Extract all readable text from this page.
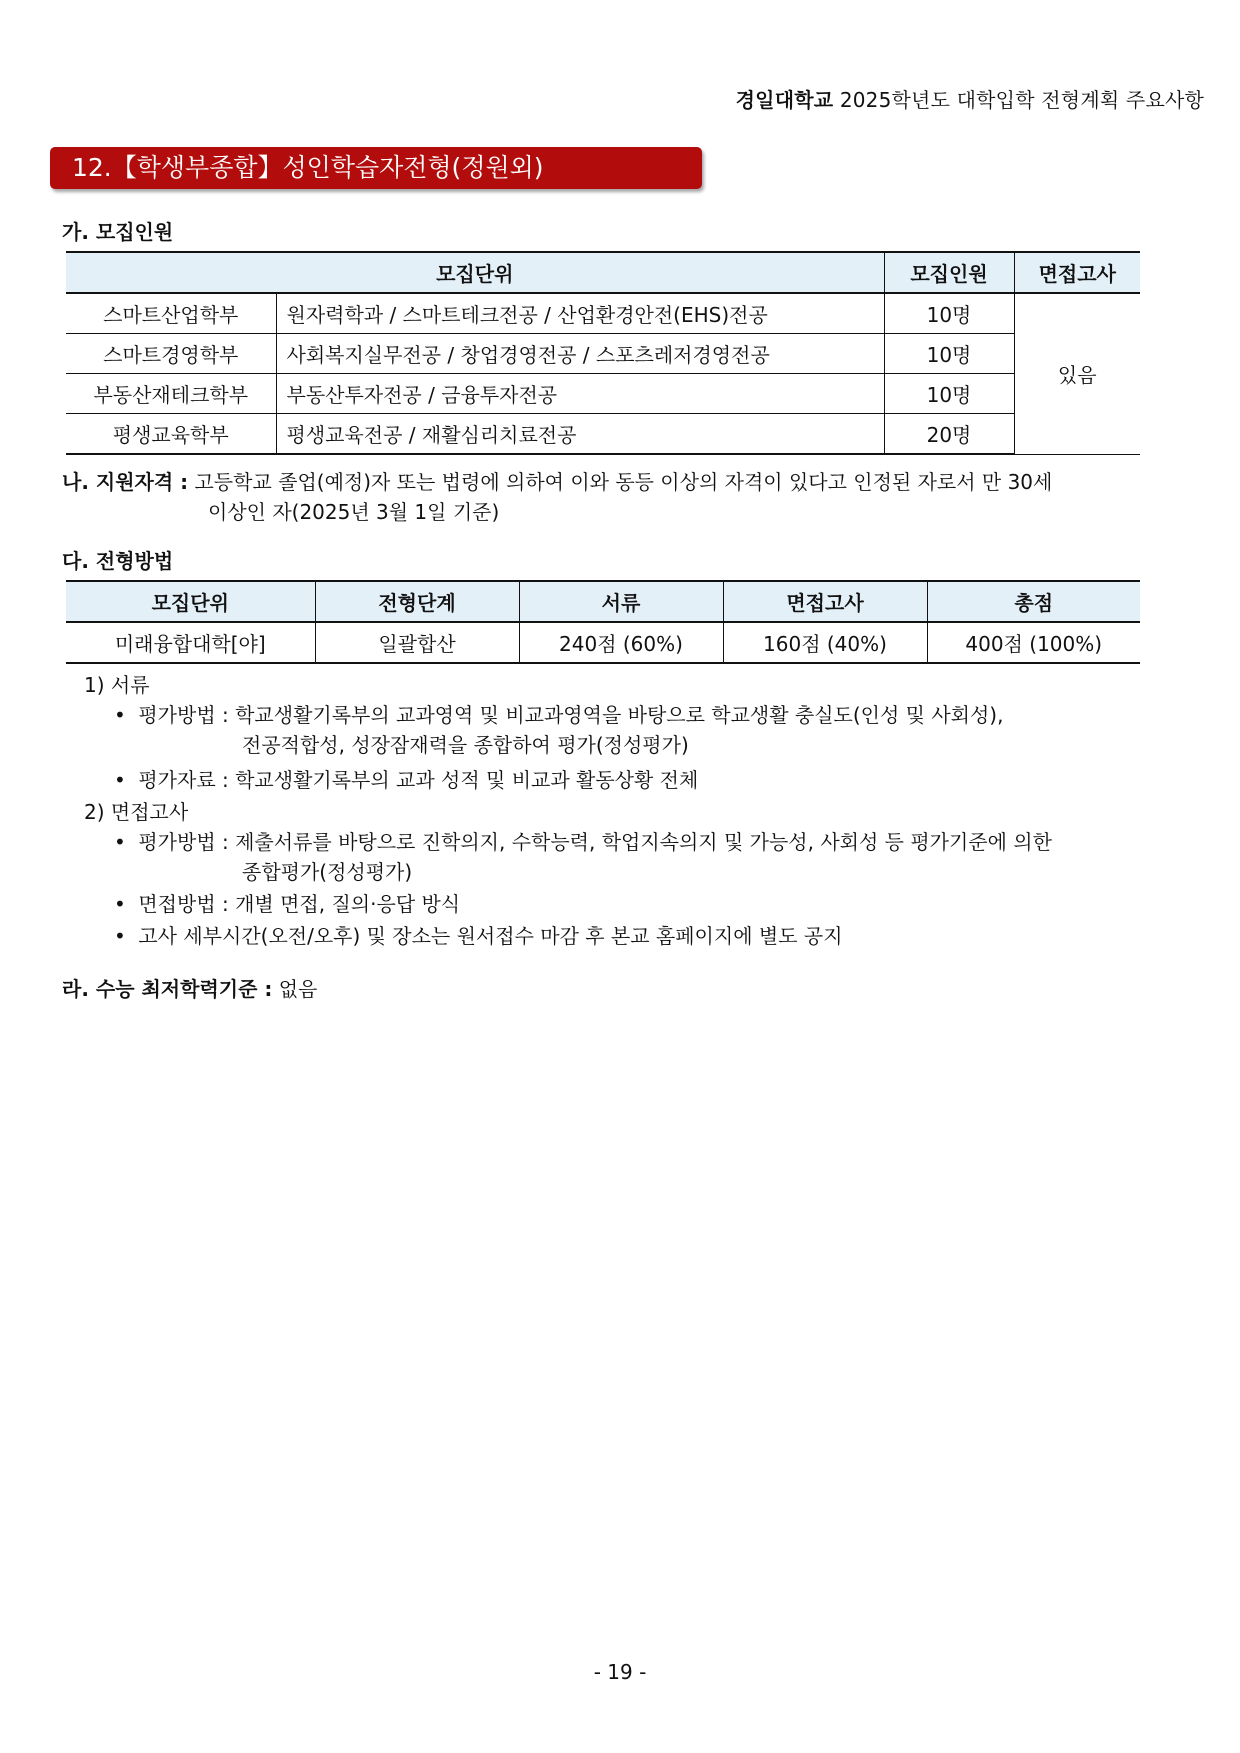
경일대학교 2025학년도 대학입학 전형계획 주요사항
12.【학생부종합】성인학습자전형(정원외)
가. 모집인원
모집단위		모집인원	면접고사
스마트산업학부	원자력학과 / 스마트테크전공 / 산업환경안전(EHS)전공	10명	있음
스마트경영학부	사회복지실무전공 / 창업경영전공 / 스포츠레저경영전공	10명	
부동산재테크학부	부동산투자전공 / 금융투자전공	10명	
평생교육학부	평생교육전공 / 재활심리치료전공	20명	
나. 지원자격 : 고등학교 졸업(예정)자 또는 법령에 의하여 이와 동등 이상의 자격이 있다고 인정된 자로서 만 30세
이상인 자(2025년 3월 1일 기준)
다. 전형방법
모집단위	전형단계	서류	면접고사	총점
미래융합대학[야]	일괄합산	240점 (60%)	160점 (40%)	400점 (100%)
1) 서류
• 평가방법 : 학교생활기록부의 교과영역 및 비교과영역을 바탕으로 학교생활 충실도(인성 및 사회성),
전공적합성, 성장잠재력을 종합하여 평가(정성평가)
• 평가자료 : 학교생활기록부의 교과 성적 및 비교과 활동상황 전체
2) 면접고사
• 평가방법 : 제출서류를 바탕으로 진학의지, 수학능력, 학업지속의지 및 가능성, 사회성 등 평가기준에 의한
종합평가(정성평가)
• 면접방법 : 개별 면접, 질의·응답 방식
• 고사 세부시간(오전/오후) 및 장소는 원서접수 마감 후 본교 홈페이지에 별도 공지
라. 수능 최저학력기준 : 없음
- 19 -
